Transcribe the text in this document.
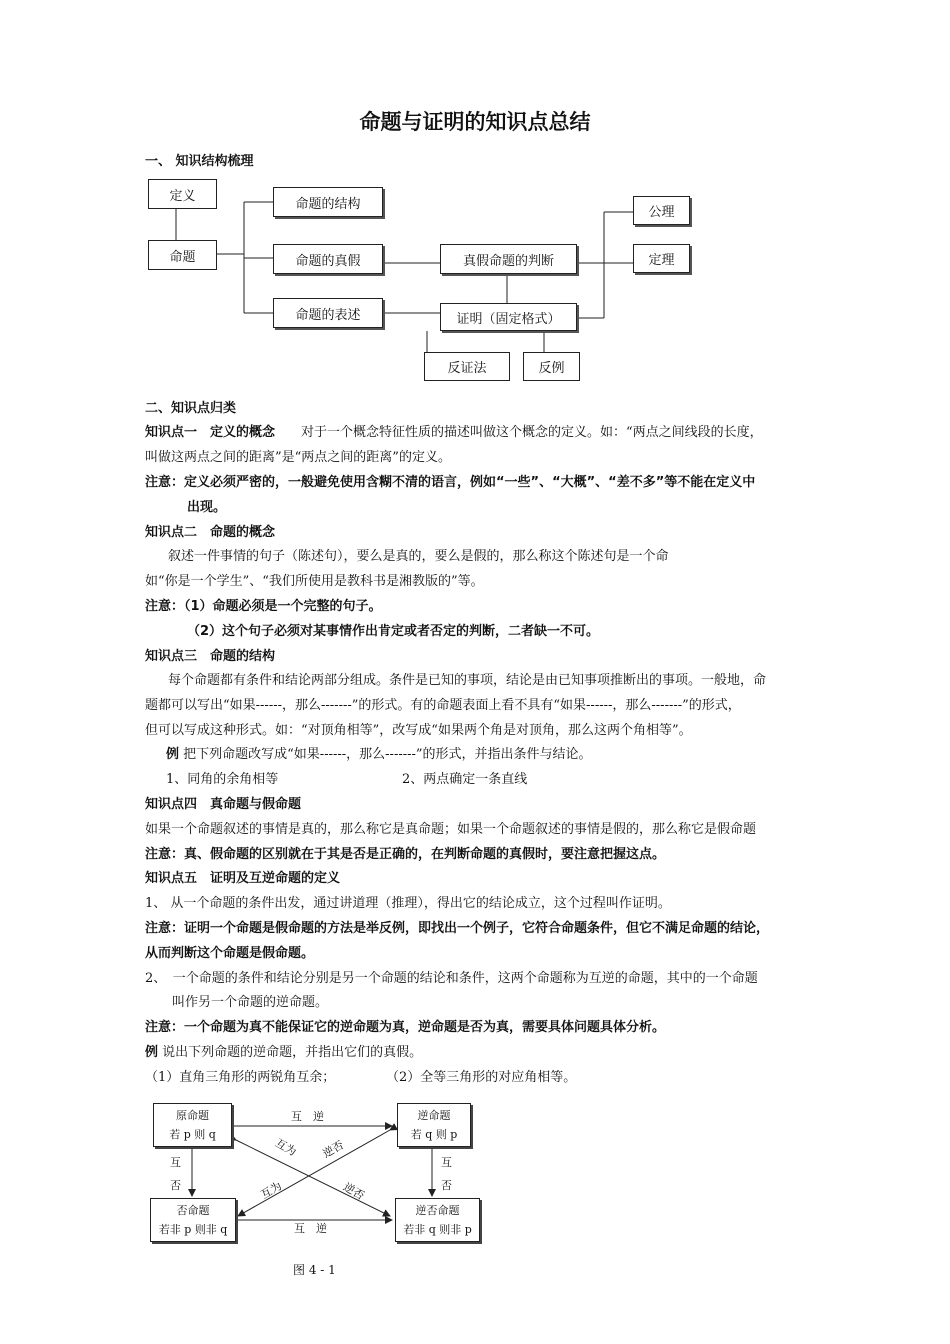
命题与证明的知识点总结
一、 知识结构梳理
定义
命题
命题的结构
命题的真假
命题的表述
真假命题的判断
证明（固定格式）
公理
定理
反证法	反例
二、知识点归类
知识点一　定义的概念 对于一个概念特征性质的描述叫做这个概念的定义。如：“两点之间线段的长度，
叫做这两点之间的距离”是“两点之间的距离”的定义。
注意：定义必须严密的，一般避免使用含糊不清的语言，例如“一些”、“大概”、“差不多”等不能在定义中
出现。
知识点二　命题的概念
叙述一件事情的句子（陈述句），要么是真的，要么是假的，那么称这个陈述句是一个命
如“你是一个学生”、“我们所使用是教科书是湘教版的”等。
注意：（1）命题必须是一个完整的句子。
（2）这个句子必须对某事情作出肯定或者否定的判断，二者缺一不可。
知识点三　命题的结构
每个命题都有条件和结论两部分组成。条件是已知的事项，结论是由已知事项推断出的事项。一般地，命
题都可以写出“如果------，那么-------”的形式。有的命题表面上看不具有“如果------，那么-------”的形式，
但可以写成这种形式。如：“对顶角相等”，改写成“如果两个角是对顶角，那么这两个角相等”。
例 把下列命题改写成“如果------，那么-------”的形式，并指出条件与结论。
1、同角的余角相等	2、两点确定一条直线
知识点四　真命题与假命题
如果一个命题叙述的事情是真的，那么称它是真命题；如果一个命题叙述的事情是假的，那么称它是假命题
注意：真、假命题的区别就在于其是否是正确的，在判断命题的真假时，要注意把握这点。
知识点五　证明及互逆命题的定义
1、 从一个命题的条件出发，通过讲道理（推理），得出它的结论成立，这个过程叫作证明。
注意：证明一个命题是假命题的方法是举反例，即找出一个例子，它符合命题条件，但它不满足命题的结论，
从而判断这个命题是假命题。
2、　一个命题的条件和结论分别是另一个命题的结论和条件，这两个命题称为互逆的命题，其中的一个命题
叫作另一个命题的逆命题。
注意：一个命题为真不能保证它的逆命题为真，逆命题是否为真，需要具体问题具体分析。
例 说出下列命题的逆命题，并指出它们的真假。
（1）直角三角形的两锐角互余；	（2）全等三角形的对应角相等。
原命题
若 p 则 q
逆命题
若 q 则 p
否命题
若非 p 则非 q
逆否命题
若非 q 则非 p
互　逆
互　逆
互
否
互
否
互为 逆否
互为	逆否
图 4 - 1
